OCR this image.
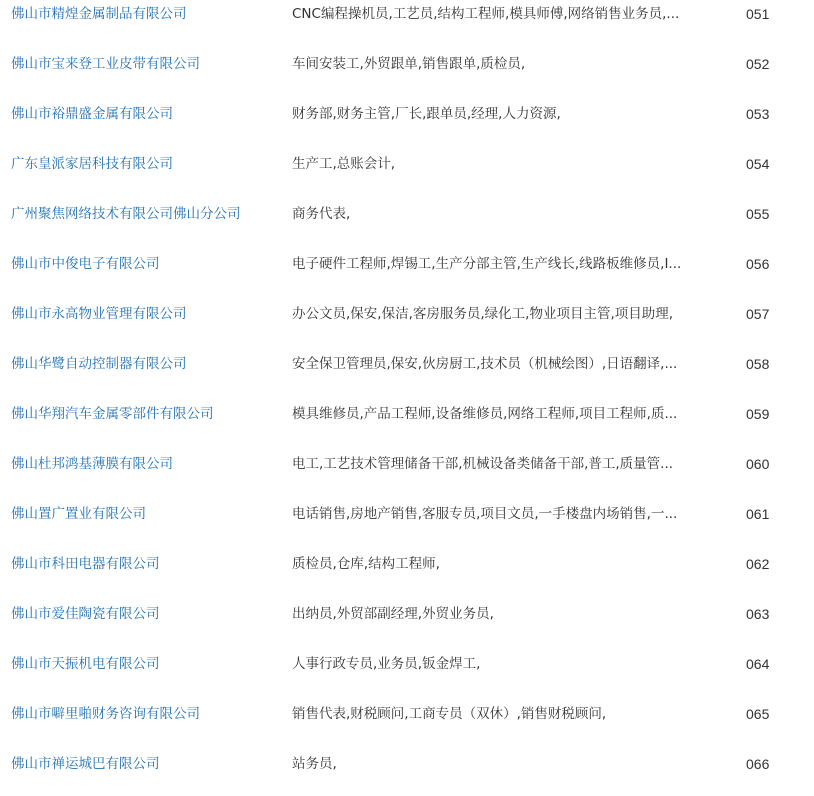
佛山市精煌金属制品有限公司	CNC编程操机员,工艺员,结构工程师,模具师傅,网络销售业务员,...	051
佛山市宝来登工业皮带有限公司	车间安装工,外贸跟单,销售跟单,质检员,	052
佛山市裕鼎盛金属有限公司	财务部,财务主管,厂长,跟单员,经理,人力资源,	053
广东皇派家居科技有限公司	生产工,总账会计,	054
广州聚焦网络技术有限公司佛山分公司	商务代表,	055
佛山市中俊电子有限公司	电子硬件工程师,焊锡工,生产分部主管,生产线长,线路板维修员,I...	056
佛山市永高物业管理有限公司	办公文员,保安,保洁,客房服务员,绿化工,物业项目主管,项目助理,	057
佛山华鹭自动控制器有限公司	安全保卫管理员,保安,伙房厨工,技术员（机械绘图）,日语翻译,...	058
佛山华翔汽车金属零部件有限公司	模具维修员,产品工程师,设备维修员,网络工程师,项目工程师,质...	059
佛山杜邦鸿基薄膜有限公司	电工,工艺技术管理储备干部,机械设备类储备干部,普工,质量管...	060
佛山置广置业有限公司	电话销售,房地产销售,客服专员,项目文员,一手楼盘内场销售,一...	061
佛山市科田电器有限公司	质检员,仓库,结构工程师,	062
佛山市爱佳陶瓷有限公司	出纳员,外贸部副经理,外贸业务员,	063
佛山市天振机电有限公司	人事行政专员,业务员,钣金焊工,	064
佛山市噼里啪财务咨询有限公司	销售代表,财税顾问,工商专员（双休）,销售财税顾问,	065
佛山市禅运城巴有限公司	站务员,	066
